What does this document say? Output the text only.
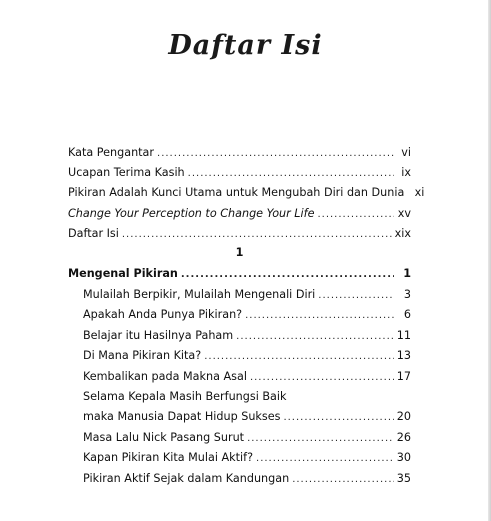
Daftar Isi
Kata Pengantar .....	vi
Ucapan Terima Kasih .....	ix
Pikiran Adalah Kunci Utama untuk Mengubah Diri dan Dunia xi
Change Your Perception to Change Your Life .....	xv
Daftar Isi .....	xix
1
Mengenal Pikiran .....	1
Mulailah Berpikir, Mulailah Mengenali Diri .....	3
Apakah Anda Punya Pikiran? .....	6
Belajar itu Hasilnya Paham .....	11
Di Mana Pikiran Kita? .....	13
Kembalikan pada Makna Asal .....	17
Selama Kepala Masih Berfungsi Baik
maka Manusia Dapat Hidup Sukses .....	20
Masa Lalu Nick Pasang Surut .....	26
Kapan Pikiran Kita Mulai Aktif? .....	30
Pikiran Aktif Sejak dalam Kandungan .....	35
